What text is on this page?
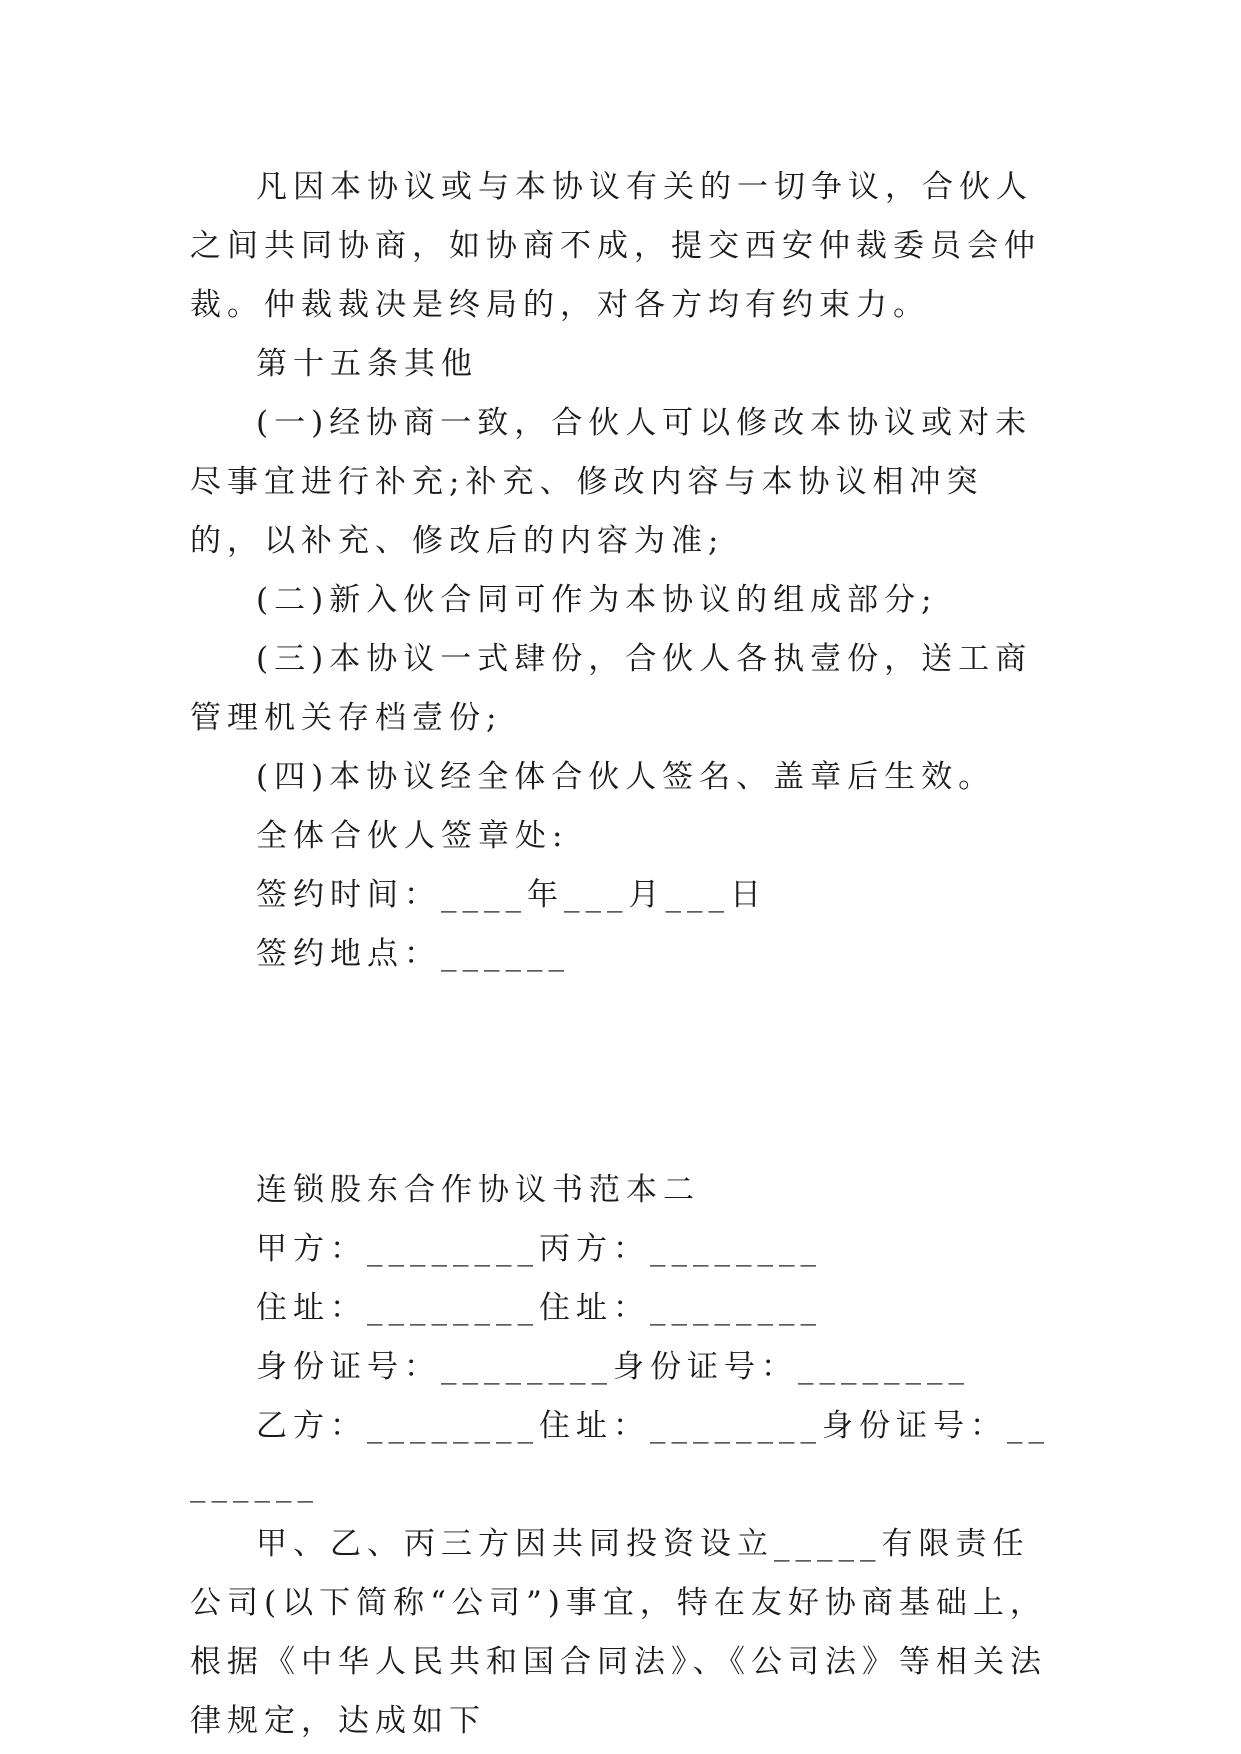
凡因本协议或与本协议有关的一切争议，合伙人之间共同协商，如协商不成，提交西安仲裁委员会仲裁。仲裁裁决是终局的，对各方均有约束力。

第十五条其他

(一)经协商一致，合伙人可以修改本协议或对未尽事宜进行补充;补充、修改内容与本协议相冲突的，以补充、修改后的内容为准;

(二)新入伙合同可作为本协议的组成部分;

(三)本协议一式肆份，合伙人各执壹份，送工商管理机关存档壹份;

(四)本协议经全体合伙人签名、盖章后生效。

全体合伙人签章处:

签约时间：____年___月___日

签约地点：______

连锁股东合作协议书范本二

甲方：________丙方：________

住址：________住址：________

身份证号：________身份证号：________

乙方：________住址：________身份证号：________

甲、乙、丙三方因共同投资设立_____有限责任公司(以下简称“公司”)事宜，特在友好协商基础上，根据《中华人民共和国合同法》、《公司法》等相关法律规定，达成如下
